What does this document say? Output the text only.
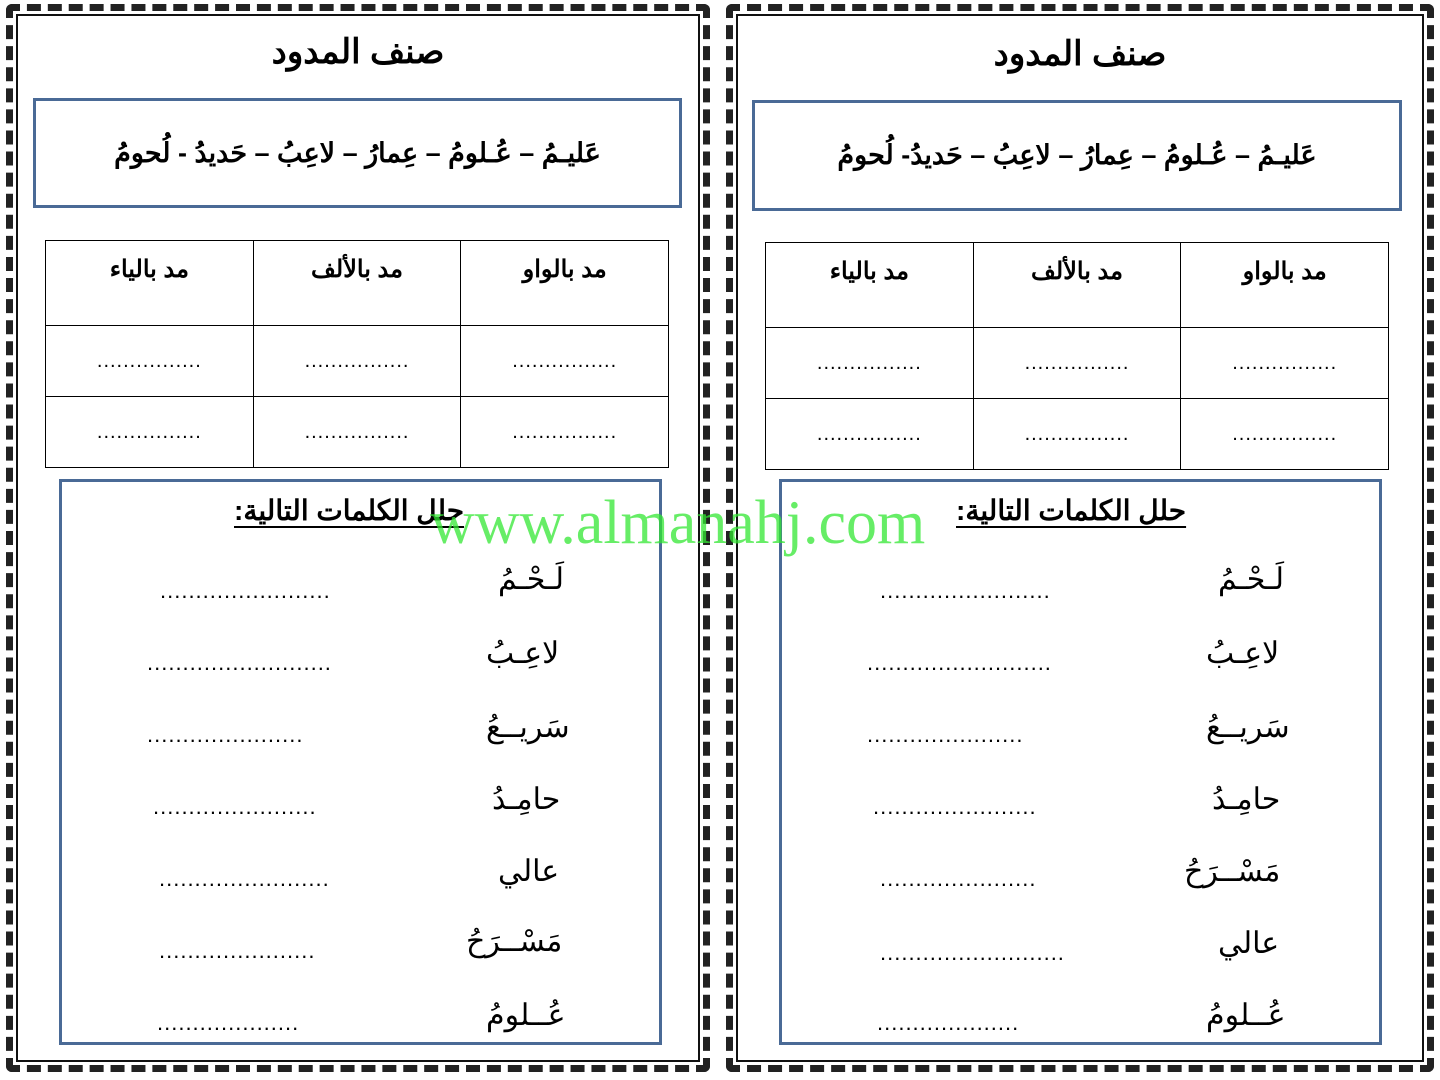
صنف المدود
عَليـمُ – عُـلومُ – عِمارُ – لاعِبُ – حَديدُ - لُحومُ
مد بالواو	مد بالألف	مد بالياء
................	................	................
................	................	................
حلل الكلمات التالية:
لَـحْـمُ
........................
لاعِـبُ
..........................
سَريــعُ
......................
حامِـدُ
.......................
عالي
........................
مَسْــرَحُ
......................
عُــلومُ
....................
صنف المدود
عَليـمُ – عُـلومُ – عِمارُ – لاعِبُ – حَديدُ- لُحومُ
مد بالواو	مد بالألف	مد بالياء
................	................	................
................	................	................
حلل الكلمات التالية:
لَـحْـمُ
........................
لاعِـبُ
..........................
سَريــعُ
......................
حامِـدُ
.......................
مَسْــرَحُ
......................
عالي
..........................
عُــلومُ
....................
www.almanahj.com
